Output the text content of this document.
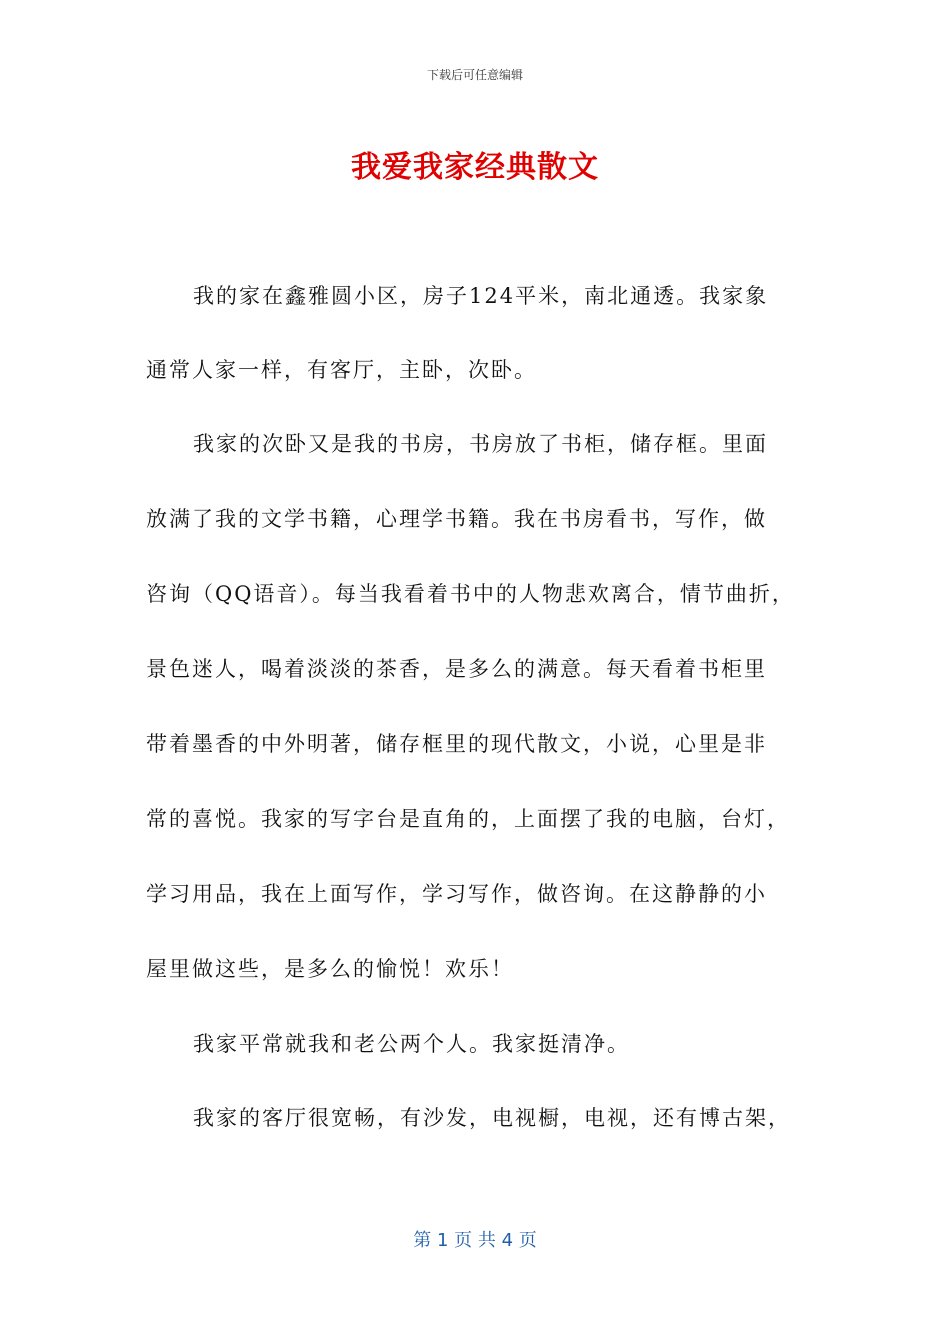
下载后可任意编辑
我爱我家经典散文
我的家在鑫雅圆小区，房子124平米，南北通透。我家象
通常人家一样，有客厅，主卧，次卧。
我家的次卧又是我的书房，书房放了书柜，储存框。里面
放满了我的文学书籍，心理学书籍。我在书房看书，写作，做
咨询（QQ语音）。每当我看着书中的人物悲欢离合，情节曲折，
景色迷人，喝着淡淡的茶香，是多么的满意。每天看着书柜里
带着墨香的中外明著，储存框里的现代散文，小说，心里是非
常的喜悦。我家的写字台是直角的，上面摆了我的电脑，台灯，
学习用品，我在上面写作，学习写作，做咨询。在这静静的小
屋里做这些，是多么的愉悦！欢乐！
我家平常就我和老公两个人。我家挺清净。
我家的客厅很宽畅，有沙发，电视橱，电视，还有博古架，
第 1 页 共 4 页
